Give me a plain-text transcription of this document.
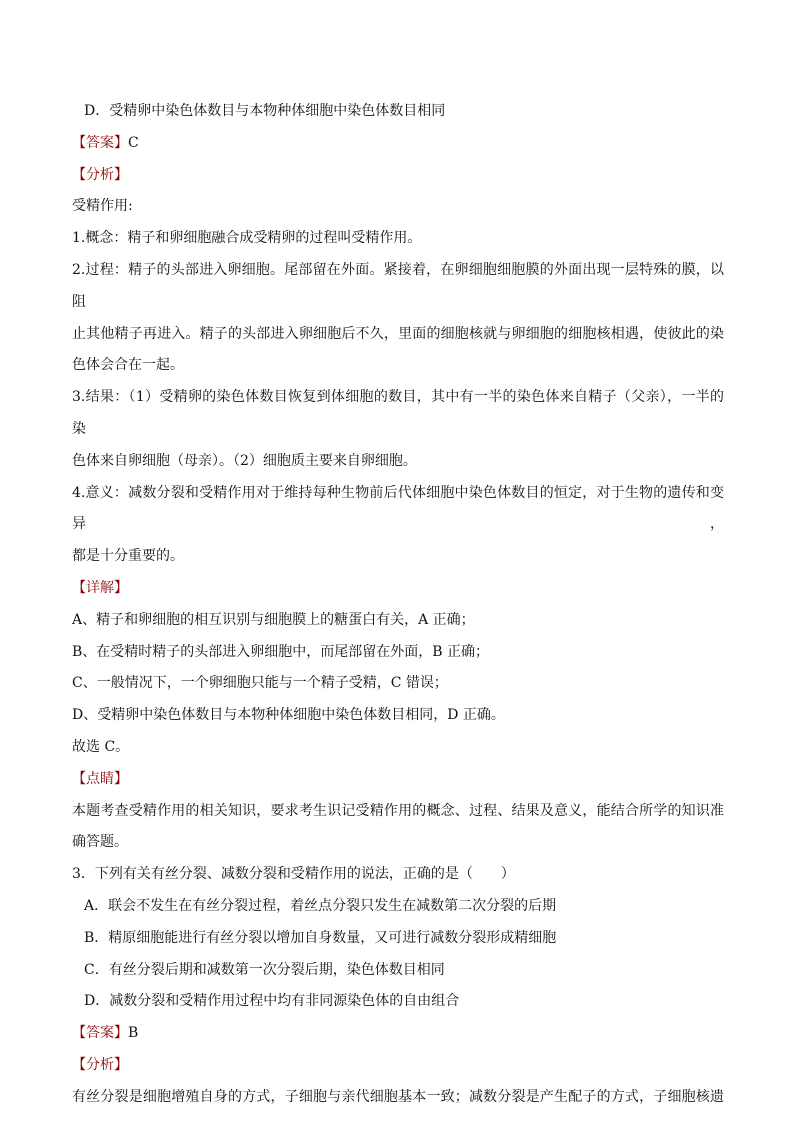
D．受精卵中染色体数目与本物种体细胞中染色体数目相同
【答案】C
【分析】
受精作用:
1.概念：精子和卵细胞融合成受精卵的过程叫受精作用。
2.过程：精子的头部进入卵细胞。尾部留在外面。紧接着，在卵细胞细胞膜的外面出现一层特殊的膜，以阻
止其他精子再进入。精子的头部进入卵细胞后不久，里面的细胞核就与卵细胞的细胞核相遇，使彼此的染
色体会合在一起。
3.结果：（1）受精卵的染色体数目恢复到体细胞的数目，其中有一半的染色体来自精子（父亲），一半的染
色体来自卵细胞（母亲）。（2）细胞质主要来自卵细胞。
4.意义：减数分裂和受精作用对于维持每种生物前后代体细胞中染色体数目的恒定，对于生物的遗传和变异，
都是十分重要的。
【详解】
A、精子和卵细胞的相互识别与细胞膜上的糖蛋白有关，A 正确；
B、在受精时精子的头部进入卵细胞中，而尾部留在外面，B 正确；
C、一般情况下，一个卵细胞只能与一个精子受精，C 错误；
D、受精卵中染色体数目与本物种体细胞中染色体数目相同，D 正确。
故选 C。
【点睛】
本题考查受精作用的相关知识，要求考生识记受精作用的概念、过程、结果及意义，能结合所学的知识准
确答题。
3．下列有关有丝分裂、减数分裂和受精作用的说法，正确的是（　　）
A．联会不发生在有丝分裂过程，着丝点分裂只发生在减数第二次分裂的后期
B．精原细胞能进行有丝分裂以增加自身数量，又可进行减数分裂形成精细胞
C．有丝分裂后期和减数第一次分裂后期，染色体数目相同
D．减数分裂和受精作用过程中均有非同源染色体的自由组合
【答案】B
【分析】
有丝分裂是细胞增殖自身的方式，子细胞与亲代细胞基本一致；减数分裂是产生配子的方式，子细胞核遗
